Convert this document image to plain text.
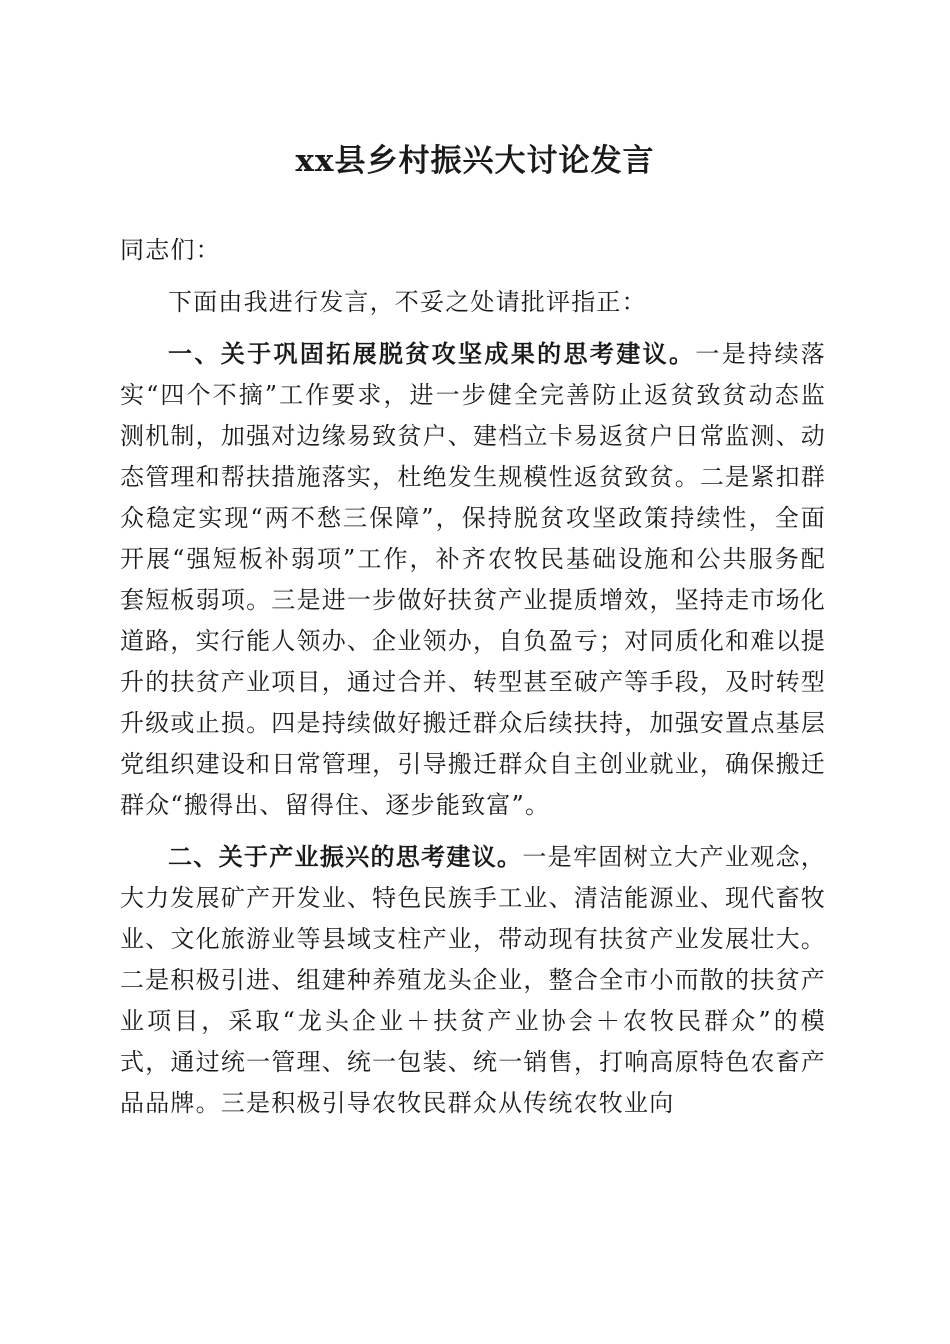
xx县乡村振兴大讨论发言

同志们：

下面由我进行发言，不妥之处请批评指正：

一、关于巩固拓展脱贫攻坚成果的思考建议。一是持续落实“四个不摘”工作要求，进一步健全完善防止返贫致贫动态监测机制，加强对边缘易致贫户、建档立卡易返贫户日常监测、动态管理和帮扶措施落实，杜绝发生规模性返贫致贫。二是紧扣群众稳定实现“两不愁三保障”，保持脱贫攻坚政策持续性，全面开展“强短板补弱项”工作，补齐农牧民基础设施和公共服务配套短板弱项。三是进一步做好扶贫产业提质增效，坚持走市场化道路，实行能人领办、企业领办，自负盈亏；对同质化和难以提升的扶贫产业项目，通过合并、转型甚至破产等手段，及时转型升级或止损。四是持续做好搬迁群众后续扶持，加强安置点基层党组织建设和日常管理，引导搬迁群众自主创业就业，确保搬迁群众“搬得出、留得住、逐步能致富”。

二、关于产业振兴的思考建议。一是牢固树立大产业观念，大力发展矿产开发业、特色民族手工业、清洁能源业、现代畜牧业、文化旅游业等县域支柱产业，带动现有扶贫产业发展壮大。二是积极引进、组建种养殖龙头企业，整合全市小而散的扶贫产业项目，采取“龙头企业＋扶贫产业协会＋农牧民群众”的模式，通过统一管理、统一包装、统一销售，打响高原特色农畜产品品牌。三是积极引导农牧民群众从传统农牧业向
